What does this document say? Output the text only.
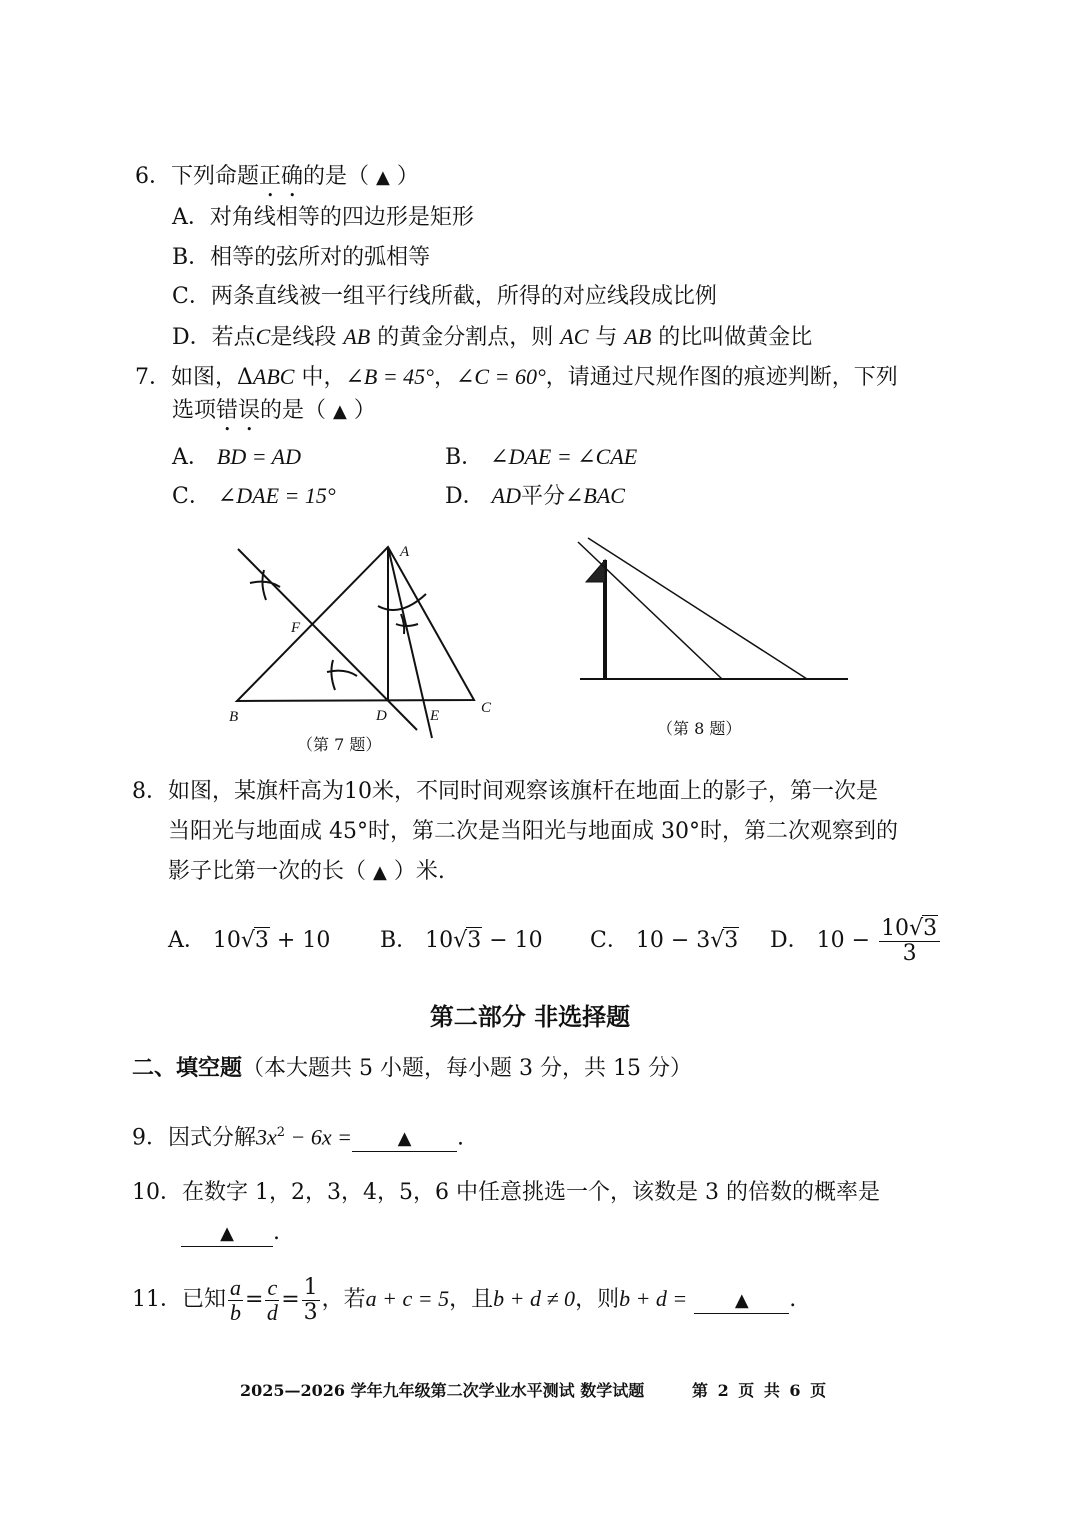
6．下列命题正确的是（ ▲ ）
A．对角线相等的四边形是矩形
B．相等的弦所对的弧相等
C．两条直线被一组平行线所截，所得的对应线段成比例
D．若点C是线段 AB 的黄金分割点，则 AC 与 AB 的比叫做黄金比
7．如图，ΔABC 中，∠B = 45°，∠C = 60°，请通过尺规作图的痕迹判断，下列
选项错误的是（ ▲ ）
A． BD = AD	B． ∠DAE = ∠CAE
C． ∠DAE = 15°	D． AD平分∠BAC
A
B
C
D	E
F
（第 7 题）
（第 8 题）
8．如图，某旗杆高为10米，不同时间观察该旗杆在地面上的影子，第一次是
当阳光与地面成 45°时，第二次是当阳光与地面成 30°时，第二次观察到的
影子比第一次的长（ ▲ ）米.
A． 10√3 + 10 B． 10√3 − 10 C． 10 − 3√3 D． $10 - \frac{10√3}{3}$
第二部分 非选择题
二、填空题（本大题共 5 小题，每小题 3 分，共 15 分）
9．因式分解$3x^2 - 6x$ =	▲ .
10．在数字 1，2，3，4，5，6 中任意挑选一个，该数是 3 的倍数的概率是
▲ .
11．已知 $\frac{a}{b} = \frac{c}{d} = \frac{1}{3}$ ，若a + c = 5，且b + d ≠ 0，则b + d =	▲ .
2025—2026 学年九年级第二次学业水平测试 数学试题	第 2 页 共 6 页
